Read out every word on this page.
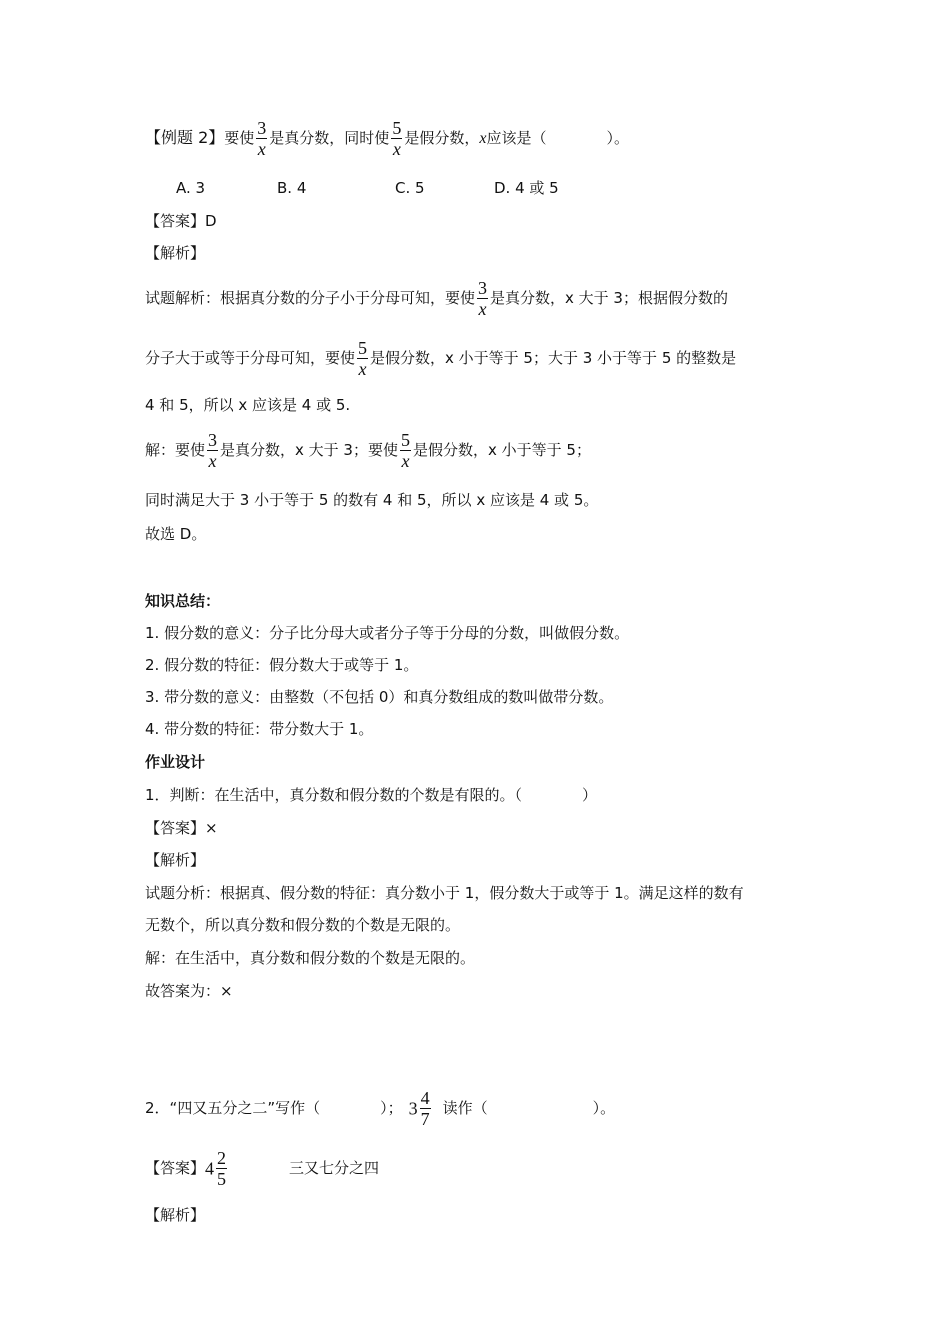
【例题 2】要使 $\frac{3}{x}$ 是真分数，同时使 $\frac{5}{x}$ 是假分数，x应该是（　　　　）。
A. 3	B. 4	C. 5	D. 4 或 5
【答案】D
【解析】
试题解析：根据真分数的分子小于分母可知，要使 $\frac{3}{x}$ 是真分数，x 大于 3；根据假分数的
分子大于或等于分母可知，要使 $\frac{5}{x}$ 是假分数，x 小于等于 5；大于 3 小于等于 5 的整数是
4 和 5，所以 x 应该是 4 或 5.
解：要使 $\frac{3}{x}$ 是真分数，x 大于 3；要使 $\frac{5}{x}$ 是假分数，x 小于等于 5；
同时满足大于 3 小于等于 5 的数有 4 和 5，所以 x 应该是 4 或 5。
故选 D。
知识总结：
1. 假分数的意义：分子比分母大或者分子等于分母的分数，叫做假分数。
2. 假分数的特征：假分数大于或等于 1。
3. 带分数的意义：由整数（不包括 0）和真分数组成的数叫做带分数。
4. 带分数的特征：带分数大于 1。
作业设计
1．判断：在生活中，真分数和假分数的个数是有限的。（　　　　）
【答案】×
【解析】
试题分析：根据真、假分数的特征：真分数小于 1，假分数大于或等于 1。满足这样的数有
无数个，所以真分数和假分数的个数是无限的。
解：在生活中，真分数和假分数的个数是无限的。
故答案为：×
2．“四又五分之二”写作（　　　　）； $3 \frac{4}{7}$ 读作（　　　　　　　）。
【答案】$4 \frac{2}{5}$	三又七分之四
【解析】
